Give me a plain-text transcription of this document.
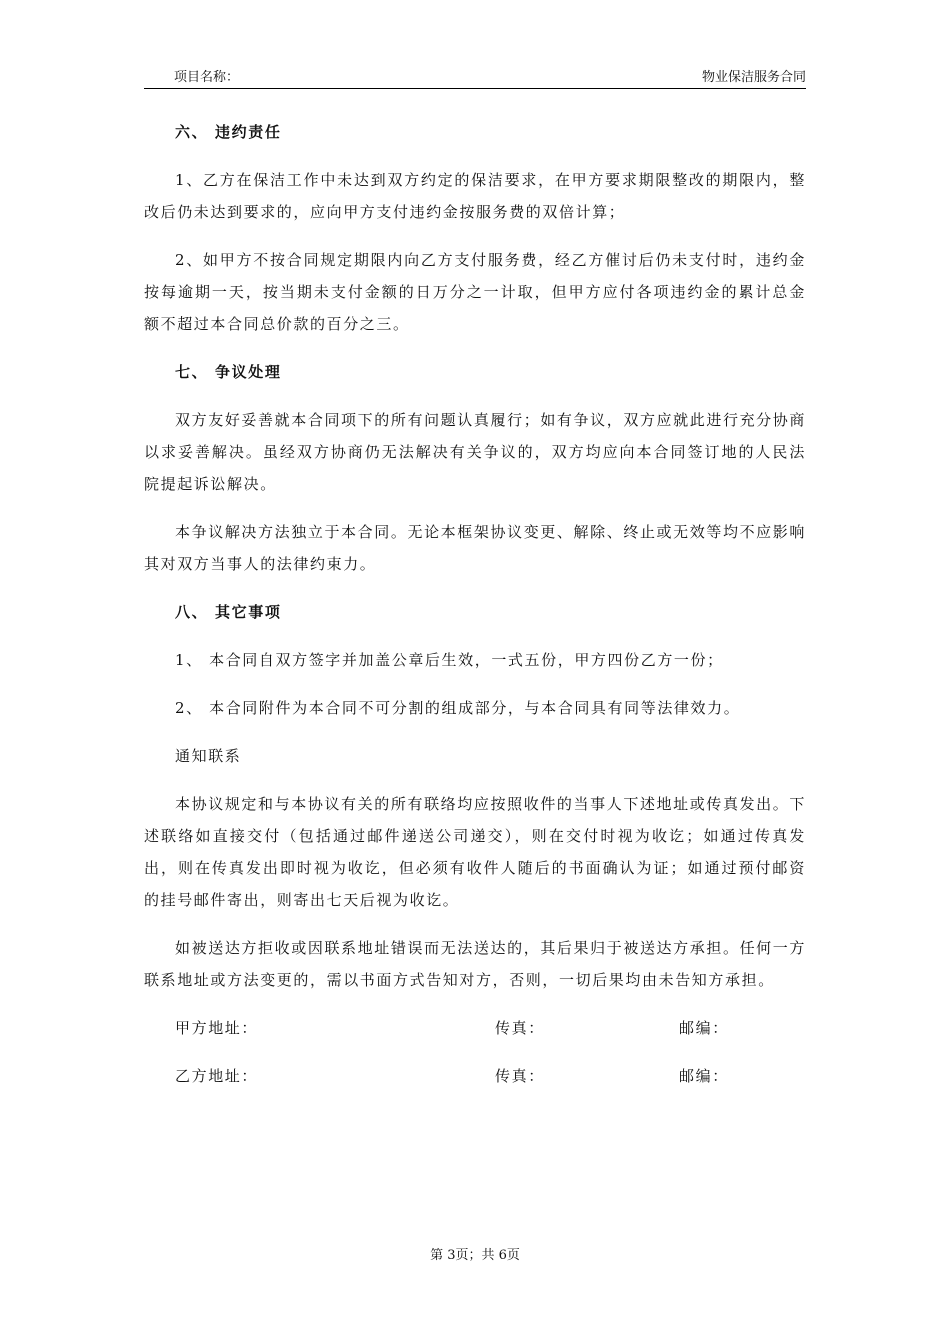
项目名称：	物业保洁服务合同
六、 违约责任

1、乙方在保洁工作中未达到双方约定的保洁要求，在甲方要求期限整改的期限内，整改后仍未达到要求的，应向甲方支付违约金按服务费的双倍计算；

2、如甲方不按合同规定期限内向乙方支付服务费，经乙方催讨后仍未支付时，违约金按每逾期一天，按当期未支付金额的日万分之一计取，但甲方应付各项违约金的累计总金额不超过本合同总价款的百分之三。

七、 争议处理

双方友好妥善就本合同项下的所有问题认真履行；如有争议，双方应就此进行充分协商以求妥善解决。虽经双方协商仍无法解决有关争议的，双方均应向本合同签订地的人民法院提起诉讼解决。

本争议解决方法独立于本合同。无论本框架协议变更、解除、终止或无效等均不应影响其对双方当事人的法律约束力。

八、 其它事项

1、 本合同自双方签字并加盖公章后生效，一式五份，甲方四份乙方一份；

2、 本合同附件为本合同不可分割的组成部分，与本合同具有同等法律效力。

通知联系

本协议规定和与本协议有关的所有联络均应按照收件的当事人下述地址或传真发出。下述联络如直接交付（包括通过邮件递送公司递交），则在交付时视为收讫；如通过传真发出，则在传真发出即时视为收讫，但必须有收件人随后的书面确认为证；如通过预付邮资的挂号邮件寄出，则寄出七天后视为收讫。

如被送达方拒收或因联系地址错误而无法送达的，其后果归于被送达方承担。任何一方联系地址或方法变更的，需以书面方式告知对方，否则，一切后果均由未告知方承担。

甲方地址：	传真：	邮编：
乙方地址：	传真：	邮编：
第 3页；共 6页
